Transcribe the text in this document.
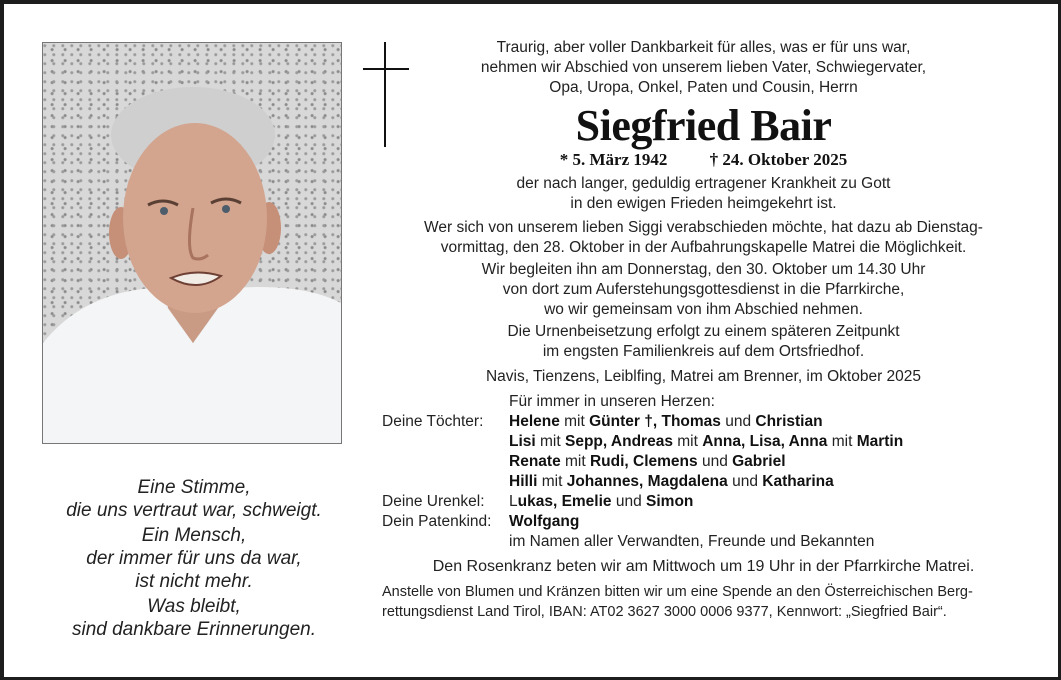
Eine Stimme,
die uns vertraut war, schweigt.
Ein Mensch,
der immer für uns da war,
ist nicht mehr.
Was bleibt,
sind dankbare Erinnerungen.
Traurig, aber voller Dankbarkeit für alles, was er für uns war,
nehmen wir Abschied von unserem lieben Vater, Schwiegervater,
Opa, Uropa, Onkel, Paten und Cousin, Herrn
Siegfried Bair
* 5. März 1942 † 24. Oktober 2025
der nach langer, geduldig ertragener Krankheit zu Gott
in den ewigen Frieden heimgekehrt ist.
Wer sich von unserem lieben Siggi verabschieden möchte, hat dazu ab Dienstag-
vormittag, den 28. Oktober in der Aufbahrungskapelle Matrei die Möglichkeit.
Wir begleiten ihn am Donnerstag, den 30. Oktober um 14.30 Uhr
von dort zum Auferstehungsgottesdienst in die Pfarrkirche,
wo wir gemeinsam von ihm Abschied nehmen.
Die Urnenbeisetzung erfolgt zu einem späteren Zeitpunkt
im engsten Familienkreis auf dem Ortsfriedhof.
Navis, Tienzens, Leiblfing, Matrei am Brenner, im Oktober 2025
Für immer in unseren Herzen:
Deine Töchter:	Helene mit Günter †, Thomas und Christian
Lisi mit Sepp, Andreas mit Anna, Lisa, Anna mit Martin
Renate mit Rudi, Clemens und Gabriel
Hilli mit Johannes, Magdalena und Katharina
Deine Urenkel:	Lukas, Emelie und Simon
Dein Patenkind:	Wolfgang
im Namen aller Verwandten, Freunde und Bekannten
Den Rosenkranz beten wir am Mittwoch um 19 Uhr in der Pfarrkirche Matrei.
Anstelle von Blumen und Kränzen bitten wir um eine Spende an den Österreichischen Berg-
rettungsdienst Land Tirol, IBAN: AT02 3627 3000 0006 9377, Kennwort: „Siegfried Bair“.
